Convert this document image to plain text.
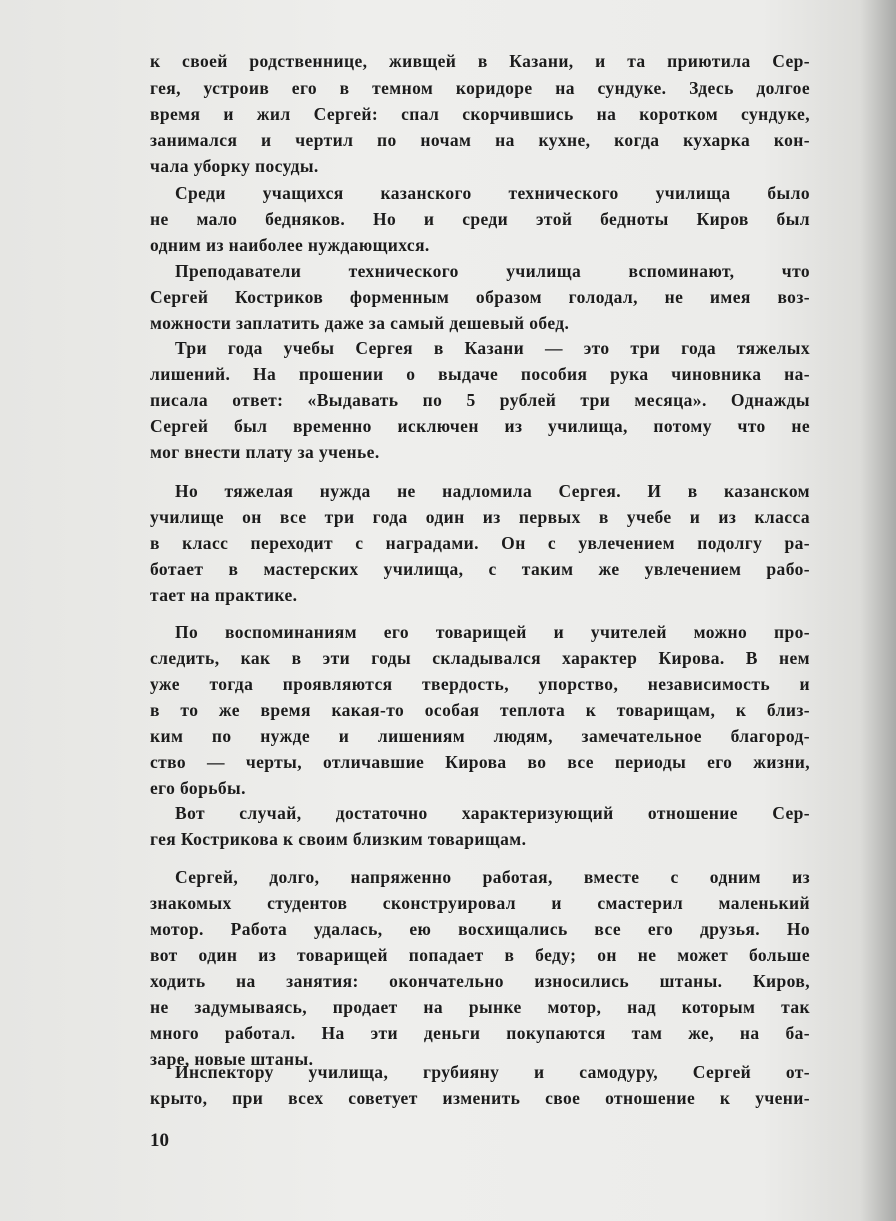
к своей родственнице, живщей в Казани, и та приютила Сер-
гея, устроив его в темном коридоре на сундуке. Здесь долгое
время и жил Сергей: спал скорчившись на коротком сундуке,
занимался и чертил по ночам на кухне, когда кухарка кон-
чала уборку посуды.
Среди учащихся казанского технического училища было
не мало бедняков. Но и среди этой бедноты Киров был
одним из наиболее нуждающихся.
Преподаватели технического училища вспоминают, что
Сергей Костриков форменным образом голодал, не имея воз-
можности заплатить даже за самый дешевый обед.
Три года учебы Сергея в Казани — это три года тяжелых
лишений. На прошении о выдаче пособия рука чиновника на-
писала ответ: «Выдавать по 5 рублей три месяца». Однажды
Сергей был временно исключен из училища, потому что не
мог внести плату за ученье.
Но тяжелая нужда не надломила Сергея. И в казанском
училище он все три года один из первых в учебе и из класса
в класс переходит с наградами. Он с увлечением подолгу ра-
ботает в мастерских училища, с таким же увлечением рабо-
тает на практике.
По воспоминаниям его товарищей и учителей можно про-
следить, как в эти годы складывался характер Кирова. В нем
уже тогда проявляются твердость, упорство, независимость и
в то же время какая-то особая теплота к товарищам, к близ-
ким по нужде и лишениям людям, замечательное благород-
ство — черты, отличавшие Кирова во все периоды его жизни,
его борьбы.
Вот случай, достаточно характеризующий отношение Сер-
гея Кострикова к своим близким товарищам.
Сергей, долго, напряженно работая, вместе с одним из
знакомых студентов сконструировал и смастерил маленький
мотор. Работа удалась, ею восхищались все его друзья. Но
вот один из товарищей попадает в беду; он не может больше
ходить на занятия: окончательно износились штаны. Киров,
не задумываясь, продает на рынке мотор, над которым так
много работал. На эти деньги покупаются там же, на ба-
заре, новые штаны.
Инспектору училища, грубияну и самодуру, Сергей от-
крыто, при всех советует изменить свое отношение к учени-
10
